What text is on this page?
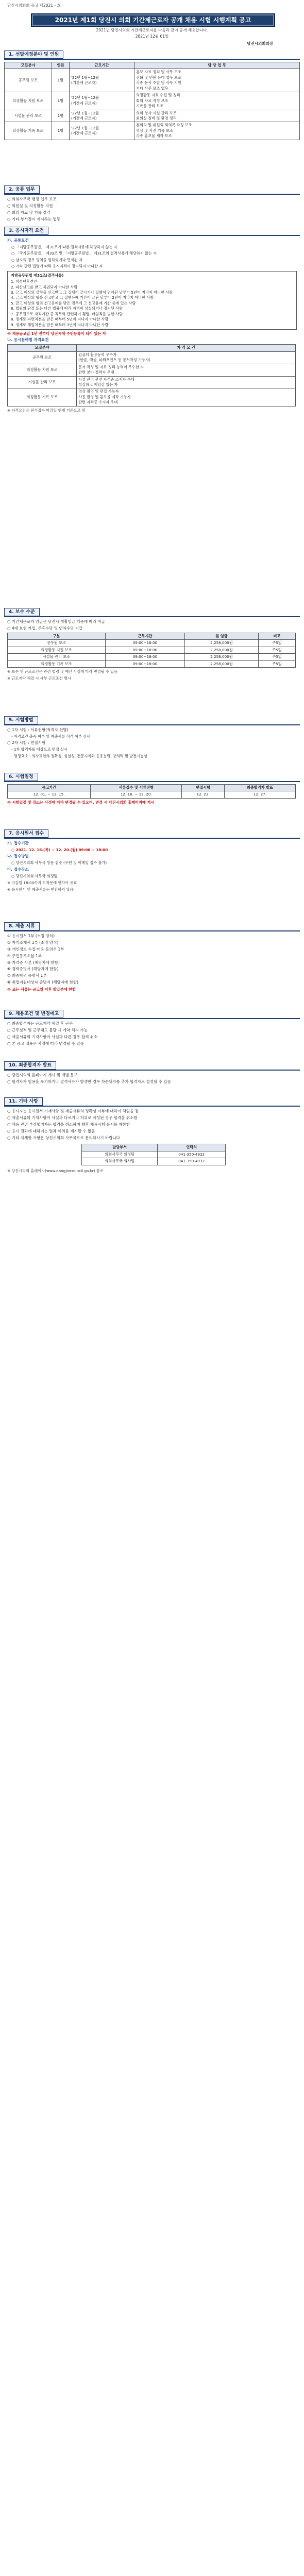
당진시의회회 공고 제2021 - 호
2021년 제1회 당진시 의회 기간제근로자 공개 채용 시험 시행계획 공고
2021년 당진시의회 기간제근로자를 다음과 같이 공개 채용합니다.
2021년 12월 01일
당진시의회의장
1. 선발예정분야 및 인원
모집분야	인원	근로기간	담 당 업 무
공무원 보조	1명	'22년 1월~12월
(기간제 근로자)	홍보 자료 정리 및 사무 보조
전화 및 민원 응대 업무 보조
각종 문서 수발 및 사무 지원
기타 사무 보조 업무
의정활동 지원 보조	1명	'22년 1월~12월
(기간제 근로자)	의정활동 자료 수집 및 정리
회의 자료 작성 보조
기록물 관리 보조
시설물 관리 보조	1명	'22년 1월~12월
(기간제 근로자)	의회 청사 시설 관리 보조
회의실 정비 및 환경 정리
의정활동 기록 보조	1명	'22년 1월~12월
(기간제 근로자)	본회의 및 위원회 회의록 작성 보조
영상 및 사진 기록 보조
각종 홍보물 제작 보조
2. 공통 업무
○ 의회사무국 행정 업무 보조
○ 의원실 및 의정활동 지원
○ 회의 자료 및 기록 정리
○ 기타 부서장이 지시하는 업무
3. 응시자격 요건
가. 공통요건
○ 「지방공무원법」 제31조에 따른 결격사유에 해당하지 않는 자
○ 「국가공무원법」 제33조 및 「지방공무원법」 제31조의 결격사유에 해당하지 않는 자
○ 남자의 경우 병역을 필하였거나 면제된 자
○ 기타 관련 법령에 따라 응시자격이 정지되지 아니한 자
지방공무원법 제31조(결격사유)
1. 피성년후견인
2. 파산선고를 받고 복권되지 아니한 사람
3. 금고 이상의 실형을 선고받고 그 집행이 끝나거나 집행이 면제된 날부터 5년이 지나지 아니한 사람
4. 금고 이상의 형을 선고받고 그 집행유예 기간이 끝난 날부터 2년이 지나지 아니한 사람
5. 금고 이상의 형의 선고유예를 받은 경우에 그 선고유예 기간 중에 있는 사람
6. 법원의 판결 또는 다른 법률에 따라 자격이 상실되거나 정지된 사람
7. 공무원으로 재직기간 중 직무와 관련하여 횡령, 배임죄를 범한 사람
8. 징계로 파면처분을 받은 때부터 5년이 지나지 아니한 사람
9. 징계로 해임처분을 받은 때부터 3년이 지나지 아니한 사람
※ 채용공고일 1년 전부터 당진시에 주민등록이 되어 있는 자
나. 응시분야별 자격요건
모집분야	자 격 요 건
공무원 보조	컴퓨터 활용능력 우수자
(한글, 엑셀, 파워포인트 등 문서작성 가능자)
의정활동 지원 보조	문서 작성 및 자료 정리 능력이 우수한 자
관련 분야 경력자 우대
시설물 관리 보조	시설 관리 관련 자격증 소지자 우대
성실하고 책임감 있는 자
의정활동 기록 보조	영상 촬영 및 편집 가능자
사진 촬영 및 홍보물 제작 가능자
관련 자격증 소지자 우대
※ 자격요건은 원서접수 마감일 현재 기준으로 함
4. 보수 수준
○ 기간제근로자 임금은 당진시 생활임금 기준에 따라 지급
○ 4대 보험 가입, 주휴수당 및 연차수당 지급
구분	근무시간	월 임금	비고
공무원 보조	09:00~18:00	2,258,000원	주5일
의정활동 지원 보조	09:00~18:00	2,258,000원	주5일
시설물 관리 보조	09:00~18:00	2,258,000원	주5일
의정활동 기록 보조	09:00~18:00	2,258,000원	주5일
※ 보수 및 근로조건은 관련 법령 및 예산 사정에 따라 변경될 수 있음
※ 근로계약 체결 시 세부 근로조건 명시
5. 시험방법
○ 1차 시험 : 서류전형(적격자 선발)
- 자격요건 충족 여부 및 제출서류 적격 여부 심사
○ 2차 시험 : 면접시험
- 1차 합격자를 대상으로 면접 실시
- 평정요소 : 의사표현의 정확성, 성실성, 전문지식과 응용능력, 창의력 및 발전가능성
6. 시험일정
공고기간	서류접수 및 서류전형	면접시험	최종합격자 발표
12. 01. ~ 12. 15.	12. 16. ~ 12. 20.	12. 23.	12. 27.
※ 시험일정 및 장소는 사정에 따라 변경될 수 있으며, 변경 시 당진시의회 홈페이지에 게시
7. 응시원서 접수
가. 접수기간
○ 2021. 12. 16.(목) ~ 12. 20.(월) 09:00 ~ 18:00
나. 접수방법
○ 당진시의회 사무국 방문 접수 (우편 및 이메일 접수 불가)
다. 접수장소
○ 당진시의회 사무국 의정팀
※ 마감일 18:00까지 도착분에 한하여 유효
※ 응시원서 및 제출서류는 반환하지 않음
8. 제출 서류
① 응시원서 1부 (소정 양식)
② 자기소개서 1부 (소정 양식)
③ 개인정보 수집·이용 동의서 1부
④ 주민등록초본 1부
⑤ 자격증 사본 (해당자에 한함)
⑥ 경력증명서 (해당자에 한함)
⑦ 최종학력 증명서 1부
⑧ 취업지원대상자 증명서 (해당자에 한함)
※ 모든 서류는 공고일 이후 발급분에 한함
9. 채용조건 및 변경예고
○ 최종합격자는 근로계약 체결 후 근무
○ 근무실적 및 근무태도 불량 시 계약 해지 가능
○ 제출서류의 기재사항이 사실과 다른 경우 합격 취소
○ 본 공고 내용은 사정에 따라 변경될 수 있음
10. 최종합격자 발표
○ 당진시의회 홈페이지 게시 및 개별 통보
○ 합격자가 임용을 포기하거나 결격사유가 발생한 경우 차순위자를 추가 합격자로 결정할 수 있음
11. 기타 사항
○ 응시자는 응시원서 기재사항 및 제출서류의 정확성 여부에 대하여 책임을 짐
○ 제출서류의 기재사항이 사실과 다르거나 허위로 작성된 경우 합격을 취소함
○ 채용 관련 부정행위자는 합격을 취소하며 향후 채용시험 응시를 제한함
○ 응시 결과에 대하여는 일체 이의를 제기할 수 없음
○ 기타 자세한 사항은 당진시의회 사무국으로 문의하시기 바랍니다
담당부서	연락처
의회사무국 의정팀	041-350-4922
의회사무국 의사팀	041-350-4932
※ 당진시의회 홈페이지(www.dangjincouncil.go.kr) 참조
